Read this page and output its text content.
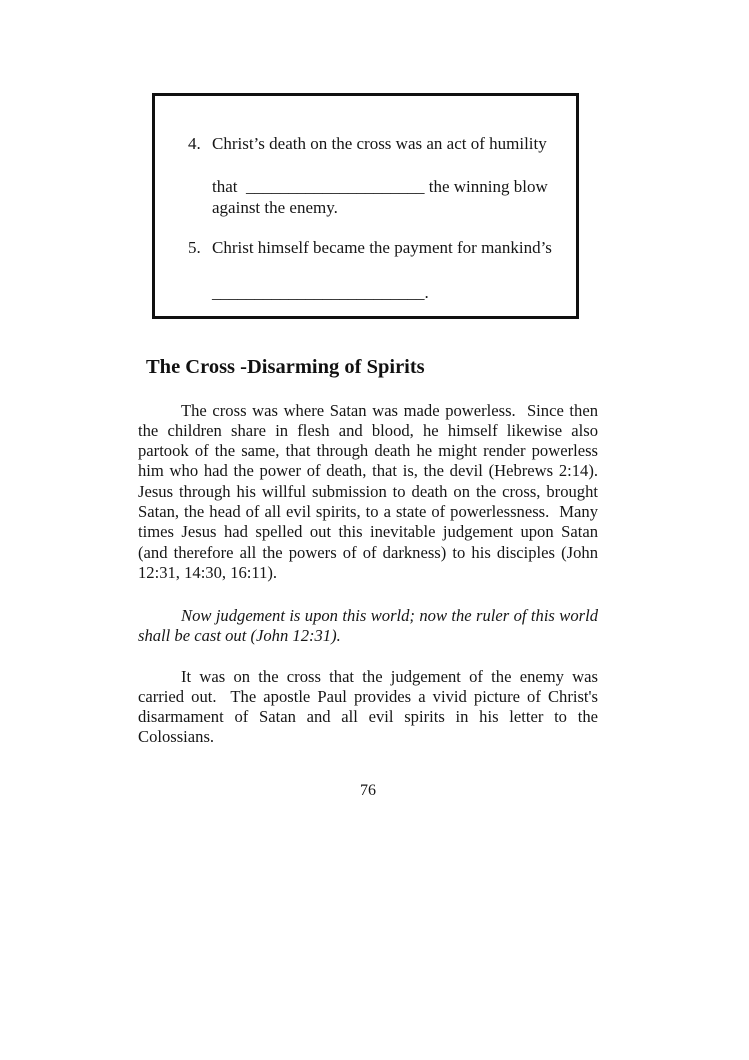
4. Christ’s death on the cross was an act of humility
that  _____________________ the winning blow
against the enemy.
5. Christ himself became the payment for mankind’s
_________________________.
The Cross -Disarming of Spirits

The cross was where Satan was made powerless.  Since then the children share in flesh and blood, he himself likewise also partook of the same, that through death he might render powerless him who had the power of death, that is, the devil (Hebrews 2:14).  Jesus through his willful submission to death on the cross, brought Satan, the head of all evil spirits, to a state of powerlessness.  Many times Jesus had spelled out this inevitable judgement upon Satan (and therefore all the powers of of darkness) to his disciples (John 12:31, 14:30, 16:11).

Now judgement is upon this world; now the ruler of this world shall be cast out (John 12:31).

It was on the cross that the judgement of the enemy was carried out.  The apostle Paul provides a vivid picture of Christ's disarmament of Satan and all evil spirits in his letter to the Colossians.

76
